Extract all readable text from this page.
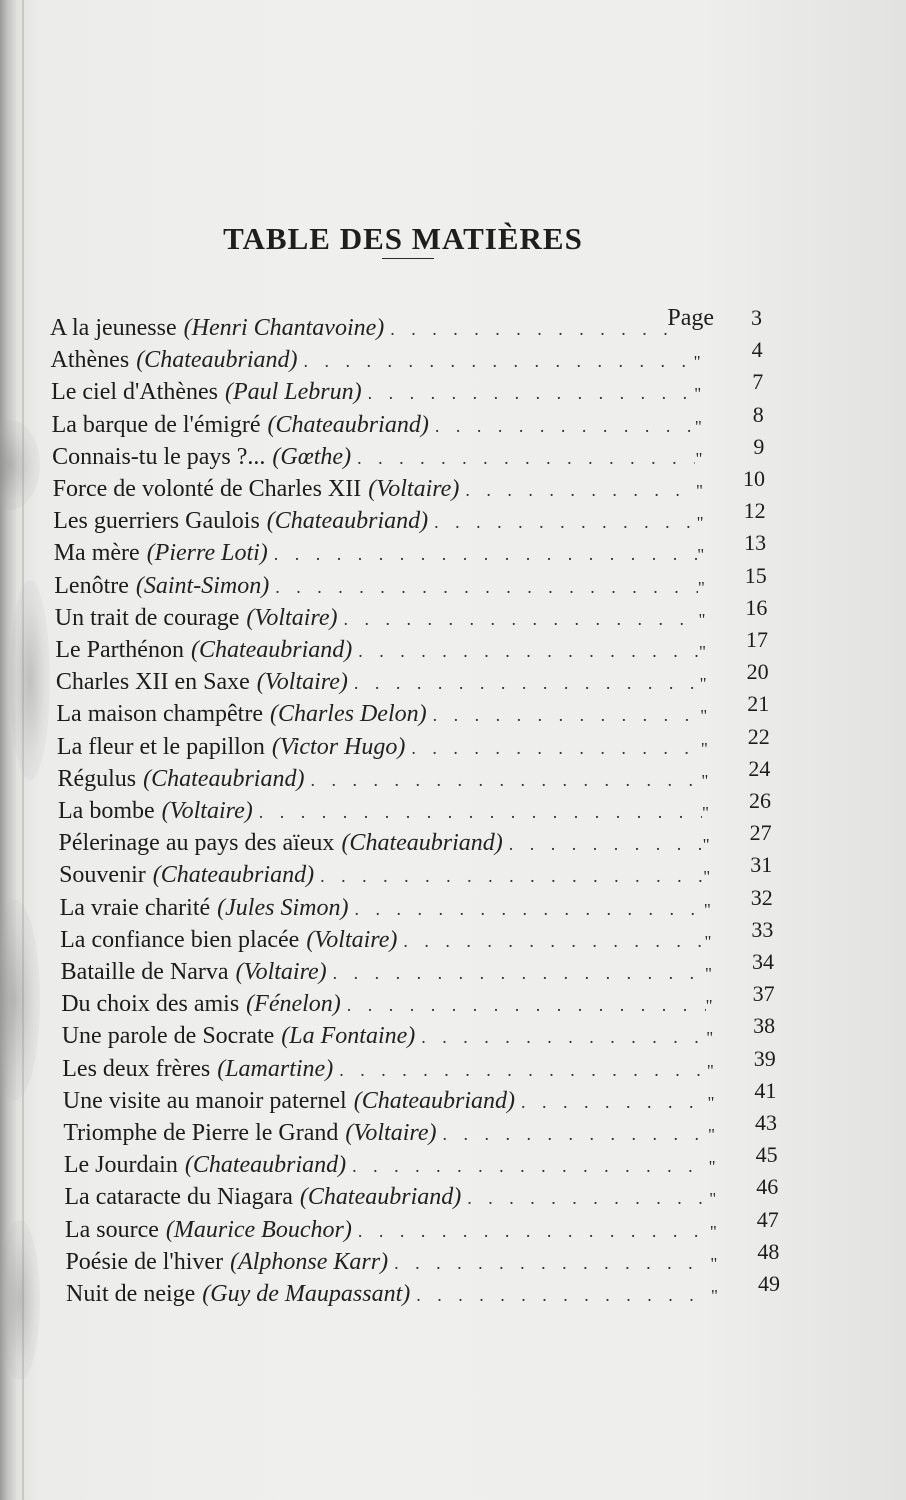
TABLE DES MATIÈRES
A la jeunesse (Henri Chantavoine) . . .	Page	3
Athènes (Chateaubriand) . . .	"	4
Le ciel d'Athènes (Paul Lebrun) . . .	"	7
La barque de l'émigré (Chateaubriand) . . .	"	8
Connais-tu le pays ?... (Gœthe) . . .	"	9
Force de volonté de Charles XII (Voltaire) . . .	"	10
Les guerriers Gaulois (Chateaubriand) . . .	"	12
Ma mère (Pierre Loti) . . .	"	13
Lenôtre (Saint-Simon) . . .	"	15
Un trait de courage (Voltaire) . . .	"	16
Le Parthénon (Chateaubriand) . . .	"	17
Charles XII en Saxe (Voltaire) . . .	"	20
La maison champêtre (Charles Delon) . . .	"	21
La fleur et le papillon (Victor Hugo) . . .	"	22
Régulus (Chateaubriand) . . .	"	24
La bombe (Voltaire) . . .	"	26
Pélerinage au pays des aïeux (Chateaubriand) . . .	"	27
Souvenir (Chateaubriand) . . .	"	31
La vraie charité (Jules Simon) . . .	"	32
La confiance bien placée (Voltaire) . . .	"	33
Bataille de Narva (Voltaire) . . .	"	34
Du choix des amis (Fénelon) . . .	"	37
Une parole de Socrate (La Fontaine) . . .	"	38
Les deux frères (Lamartine) . . .	"	39
Une visite au manoir paternel (Chateaubriand) . . .	"	41
Triomphe de Pierre le Grand (Voltaire) . . .	"	43
Le Jourdain (Chateaubriand) . . .	"	45
La cataracte du Niagara (Chateaubriand) . . .	"	46
La source (Maurice Bouchor) . . .	"	47
Poésie de l'hiver (Alphonse Karr) . . .	"	48
Nuit de neige (Guy de Maupassant) . . .	"	49
